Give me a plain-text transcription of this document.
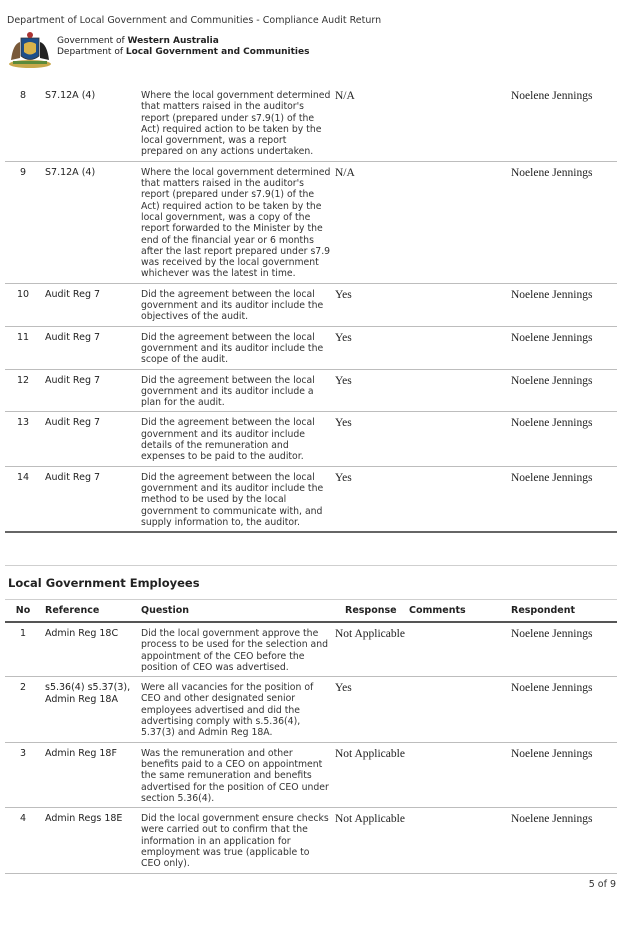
Department of Local Government and Communities - Compliance Audit Return
Government of Western Australia
Department of Local Government and Communities
8	S7.12A (4)	Where the local government determined that matters raised in the auditor's report (prepared under s7.9(1) of the Act) required action to be taken by the local government, was a report prepared on any actions undertaken.	N/A		Noelene Jennings
9	S7.12A (4)	Where the local government determined that matters raised in the auditor's report (prepared under s7.9(1) of the Act) required action to be taken by the local government, was a copy of the report forwarded to the Minister by the end of the financial year or 6 months after the last report prepared under s7.9 was received by the local government whichever was the latest in time.	N/A		Noelene Jennings
10	Audit Reg 7	Did the agreement between the local government and its auditor include the objectives of the audit.	Yes		Noelene Jennings
11	Audit Reg 7	Did the agreement between the local government and its auditor include the scope of the audit.	Yes		Noelene Jennings
12	Audit Reg 7	Did the agreement between the local government and its auditor include a plan for the audit.	Yes		Noelene Jennings
13	Audit Reg 7	Did the agreement between the local government and its auditor include details of the remuneration and expenses to be paid to the auditor.	Yes		Noelene Jennings
14	Audit Reg 7	Did the agreement between the local government and its auditor include the method to be used by the local government to communicate with, and supply information to, the auditor.	Yes		Noelene Jennings
Local Government Employees
No	Reference	Question	Response	Comments	Respondent
1	Admin Reg 18C	Did the local government approve the process to be used for the selection and appointment of the CEO before the position of CEO was advertised.	Not Applicable		Noelene Jennings
2	s5.36(4) s5.37(3), Admin Reg 18A	Were all vacancies for the position of CEO and other designated senior employees advertised and did the advertising comply with s.5.36(4), 5.37(3) and Admin Reg 18A.	Yes		Noelene Jennings
3	Admin Reg 18F	Was the remuneration and other benefits paid to a CEO on appointment the same remuneration and benefits advertised for the position of CEO under section 5.36(4).	Not Applicable		Noelene Jennings
4	Admin Regs 18E	Did the local government ensure checks were carried out to confirm that the information in an application for employment was true (applicable to CEO only).	Not Applicable		Noelene Jennings
5 of 9
